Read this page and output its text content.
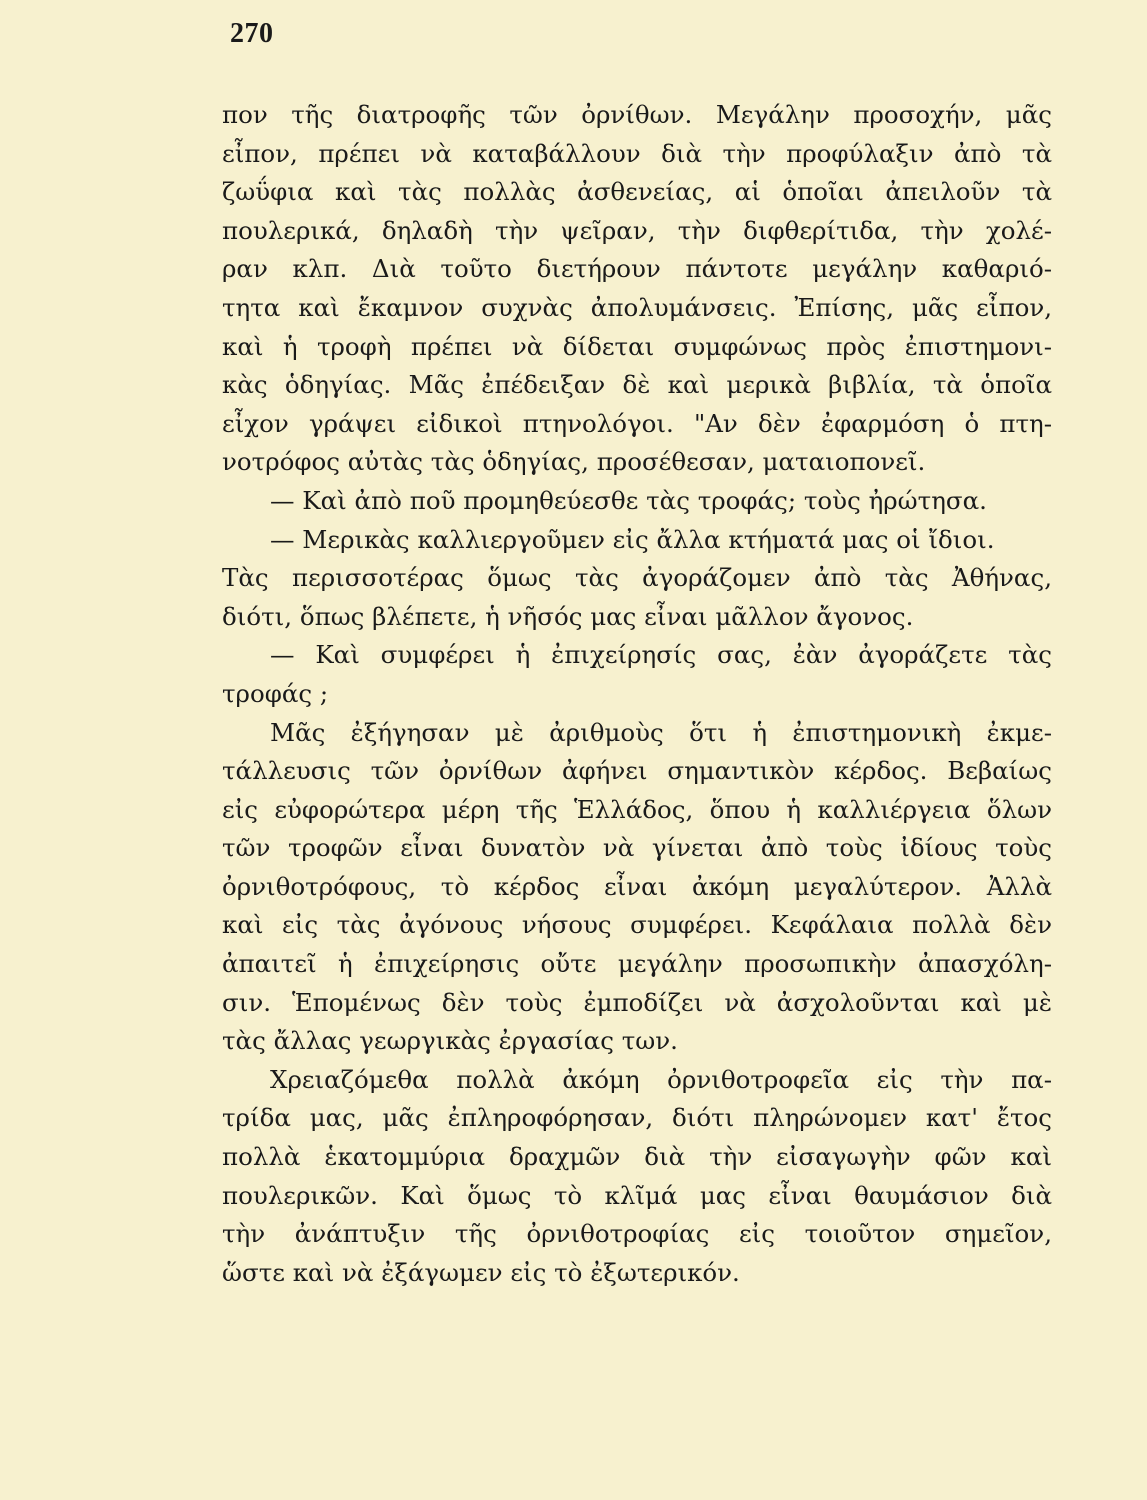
270
πον τῆς διατροφῆς τῶν ὀρνίθων. Μεγάλην προσοχήν, μᾶς
εἶπον, πρέπει νὰ καταβάλλουν διὰ τὴν προφύλαξιν ἀπὸ τὰ
ζωΰφια καὶ τὰς πολλὰς ἀσθενείας, αἱ ὁποῖαι ἀπειλοῦν τὰ
πουλερικά, δηλαδὴ τὴν ψεῖραν, τὴν διφθερίτιδα, τὴν χολέ-
ραν κλπ. Διὰ τοῦτο διετήρουν πάντοτε μεγάλην καθαριό-
τητα καὶ ἔκαμνον συχνὰς ἀπολυμάνσεις. Ἐπίσης, μᾶς εἶπον,
καὶ ἡ τροφὴ πρέπει νὰ δίδεται συμφώνως πρὸς ἐπιστημονι-
κὰς ὁδηγίας. Μᾶς ἐπέδειξαν δὲ καὶ μερικὰ βιβλία, τὰ ὁποῖα
εἶχον γράψει εἰδικοὶ πτηνολόγοι. "Αν δὲν ἐφαρμόση ὁ πτη-
νοτρόφος αὐτὰς τὰς ὁδηγίας, προσέθεσαν, ματαιοπονεῖ.
— Καὶ ἀπὸ ποῦ προμηθεύεσθε τὰς τροφάς; τοὺς ἠρώτησα.
— Μερικὰς καλλιεργοῦμεν εἰς ἄλλα κτήματά μας οἱ ἴδιοι.
Τὰς περισσοτέρας ὅμως τὰς ἀγοράζομεν ἀπὸ τὰς Ἀθήνας,
διότι, ὅπως βλέπετε, ἡ νῆσός μας εἶναι μᾶλλον ἄγονος.
— Καὶ συμφέρει ἡ ἐπιχείρησίς σας, ἐὰν ἀγοράζετε τὰς
τροφάς ;
Μᾶς ἐξήγησαν μὲ ἀριθμοὺς ὅτι ἡ ἐπιστημονικὴ ἐκμε-
τάλλευσις τῶν ὀρνίθων ἀφήνει σημαντικὸν κέρδος. Βεβαίως
εἰς εὐφορώτερα μέρη τῆς Ἑλλάδος, ὅπου ἡ καλλιέργεια ὅλων
τῶν τροφῶν εἶναι δυνατὸν νὰ γίνεται ἀπὸ τοὺς ἰδίους τοὺς
ὀρνιθοτρόφους, τὸ κέρδος εἶναι ἀκόμη μεγαλύτερον. Ἀλλὰ
καὶ εἰς τὰς ἀγόνους νήσους συμφέρει. Κεφάλαια πολλὰ δὲν
ἀπαιτεῖ ἡ ἐπιχείρησις οὔτε μεγάλην προσωπικὴν ἀπασχόλη-
σιν. Ἑπομένως δὲν τοὺς ἐμποδίζει νὰ ἀσχολοῦνται καὶ μὲ
τὰς ἄλλας γεωργικὰς ἐργασίας των.
Χρειαζόμεθα πολλὰ ἀκόμη ὀρνιθοτροφεῖα εἰς τὴν πα-
τρίδα μας, μᾶς ἐπληροφόρησαν, διότι πληρώνομεν κατ' ἔτος
πολλὰ ἑκατομμύρια δραχμῶν διὰ τὴν εἰσαγωγὴν φῶν καὶ
πουλερικῶν. Καὶ ὅμως τὸ κλῖμά μας εἶναι θαυμάσιον διὰ
τὴν ἀνάπτυξιν τῆς ὀρνιθοτροφίας εἰς τοιοῦτον σημεῖον,
ὥστε καὶ νὰ ἐξάγωμεν εἰς τὸ ἐξωτερικόν.
